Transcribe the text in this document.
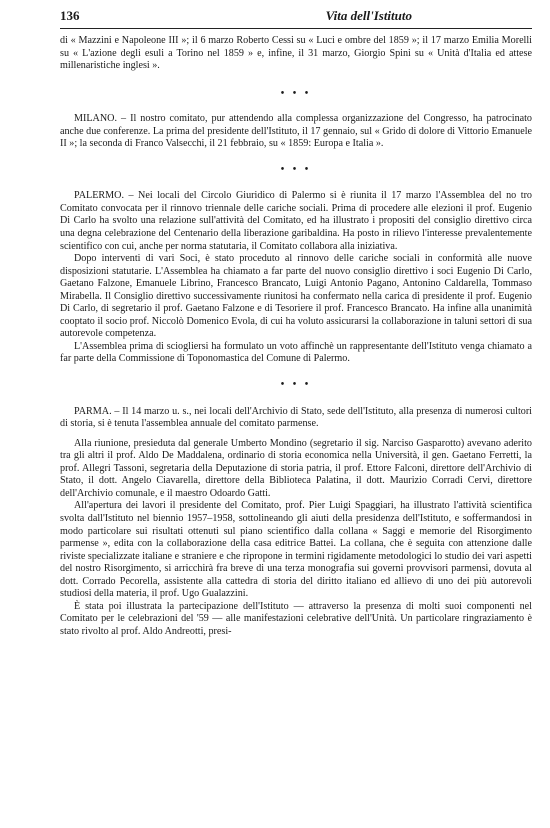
136	Vita dell'Istituto

di « Mazzini e Napoleone III »; il 6 marzo Roberto Cessi su « Luci e ombre del 1859 »; il 17 marzo Emilia Morelli su « L'azione degli esuli a Torino nel 1859 » e, infine, il 31 marzo, Giorgio Spini su « Unità d'Italia ed attese millenaristiche inglesi ».

• • •

MILANO. – Il nostro comitato, pur attendendo alla complessa organizzazione del Congresso, ha patrocinato anche due conferenze. La prima del presidente dell'Istituto, il 17 gennaio, sul « Grido di dolore di Vittorio Emanuele II »; la seconda di Franco Valsecchi, il 21 febbraio, su « 1859: Europa e Italia ».

• • •

PALERMO. – Nei locali del Circolo Giuridico di Palermo si è riunita il 17 marzo l'Assemblea del no tro Comitato convocata per il rinnovo triennale delle cariche sociali. Prima di procedere alle elezioni il prof. Eugenio Di Carlo ha svolto una relazione sull'attività del Comitato, ed ha illustrato i propositi del consiglio direttivo circa una degna celebrazione del Centenario della liberazione garibaldina. Ha posto in rilievo l'interesse prevalentemente scientifico con cui, anche per norma statutaria, il Comitato collabora alla iniziativa.

Dopo interventi di vari Soci, è stato proceduto al rinnovo delle cariche sociali in conformità alle nuove disposizioni statutarie. L'Assemblea ha chiamato a far parte del nuovo consiglio direttivo i soci Eugenio Di Carlo, Gaetano Falzone, Emanuele Librino, Francesco Brancato, Luigi Antonio Pagano, Antonino Caldarella, Tommaso Mirabella. Il Consiglio direttivo successivamente riunitosi ha confermato nella carica di presidente il prof. Eugenio Di Carlo, di segretario il prof. Gaetano Falzone e di Tesoriere il prof. Francesco Brancato. Ha infine alla unanimità cooptato il socio prof. Niccolò Domenico Evola, di cui ha voluto assicurarsi la collaborazione in taluni settori di sua autorevole competenza.

L'Assemblea prima di sciogliersi ha formulato un voto affinchè un rappresentante dell'Istituto venga chiamato a far parte della Commissione di Toponomastica del Comune di Palermo.

• • •

PARMA. – Il 14 marzo u. s., nei locali dell'Archivio di Stato, sede dell'Istituto, alla presenza di numerosi cultori di storia, si è tenuta l'assemblea annuale del comitato parmense.

Alla riunione, presieduta dal generale Umberto Mondino (segretario il sig. Narciso Gasparotto) avevano aderito tra gli altri il prof. Aldo De Maddalena, ordinario di storia economica nella Università, il gen. Gaetano Ferretti, la prof. Allegri Tassoni, segretaria della Deputazione di storia patria, il prof. Ettore Falconi, direttore dell'Archivio di Stato, il dott. Angelo Ciavarella, direttore della Biblioteca Palatina, il dott. Maurizio Corradi Cervi, direttore dell'Archivio comunale, e il maestro Odoardo Gatti.

All'apertura dei lavori il presidente del Comitato, prof. Pier Luigi Spaggiari, ha illustrato l'attività scientifica svolta dall'Istituto nel biennio 1957–1958, sottolineando gli aiuti della presidenza dell'Istituto, e soffermandosi in modo particolare sui risultati ottenuti sul piano scientifico dalla collana « Saggi e memorie del Risorgimento parmense », edita con la collaborazione della casa editrice Battei. La collana, che è seguita con attenzione dalle riviste specializzate italiane e straniere e che ripropone in termini rigidamente metodologici lo studio dei vari aspetti del nostro Risorgimento, si arricchirà fra breve di una terza monografia sui governi provvisori parmensi, dovuta al dott. Corrado Pecorella, assistente alla cattedra di storia del diritto italiano ed allievo di uno dei più autorevoli studiosi della materia, il prof. Ugo Gualazzini.

È stata poi illustrata la partecipazione dell'Istituto — attraverso la presenza di molti suoi componenti nel Comitato per le celebrazioni del '59 — alle manifestazioni celebrative dell'Unità. Un particolare ringraziamento è stato rivolto al prof. Aldo Andreotti, presi-
